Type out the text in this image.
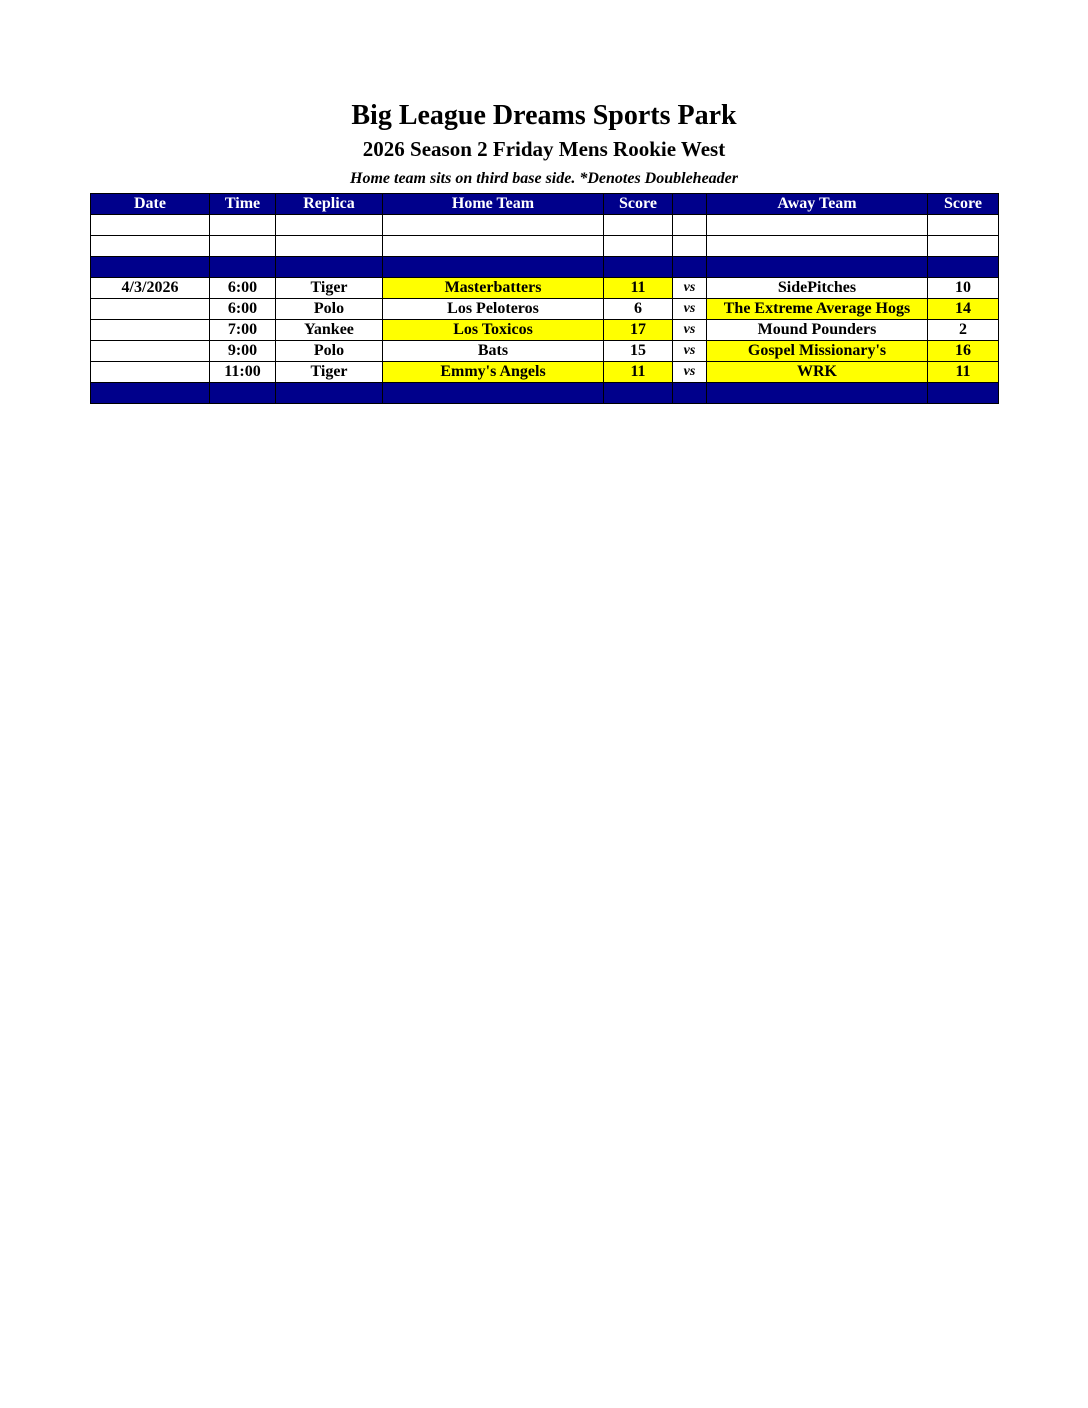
Big League Dreams Sports Park
2026 Season 2 Friday Mens Rookie West
Home team sits on third base side. *Denotes Doubleheader
Date	Time	Replica	Home Team	Score		Away Team	Score

4/3/2026	6:00	Tiger	Masterbatters	11	vs	SidePitches	10
	6:00	Polo	Los Peloteros	6	vs	The Extreme Average Hogs	14
	7:00	Yankee	Los Toxicos	17	vs	Mound Pounders	2
	9:00	Polo	Bats	15	vs	Gospel Missionary's	16
	11:00	Tiger	Emmy's Angels	11	vs	WRK	11
